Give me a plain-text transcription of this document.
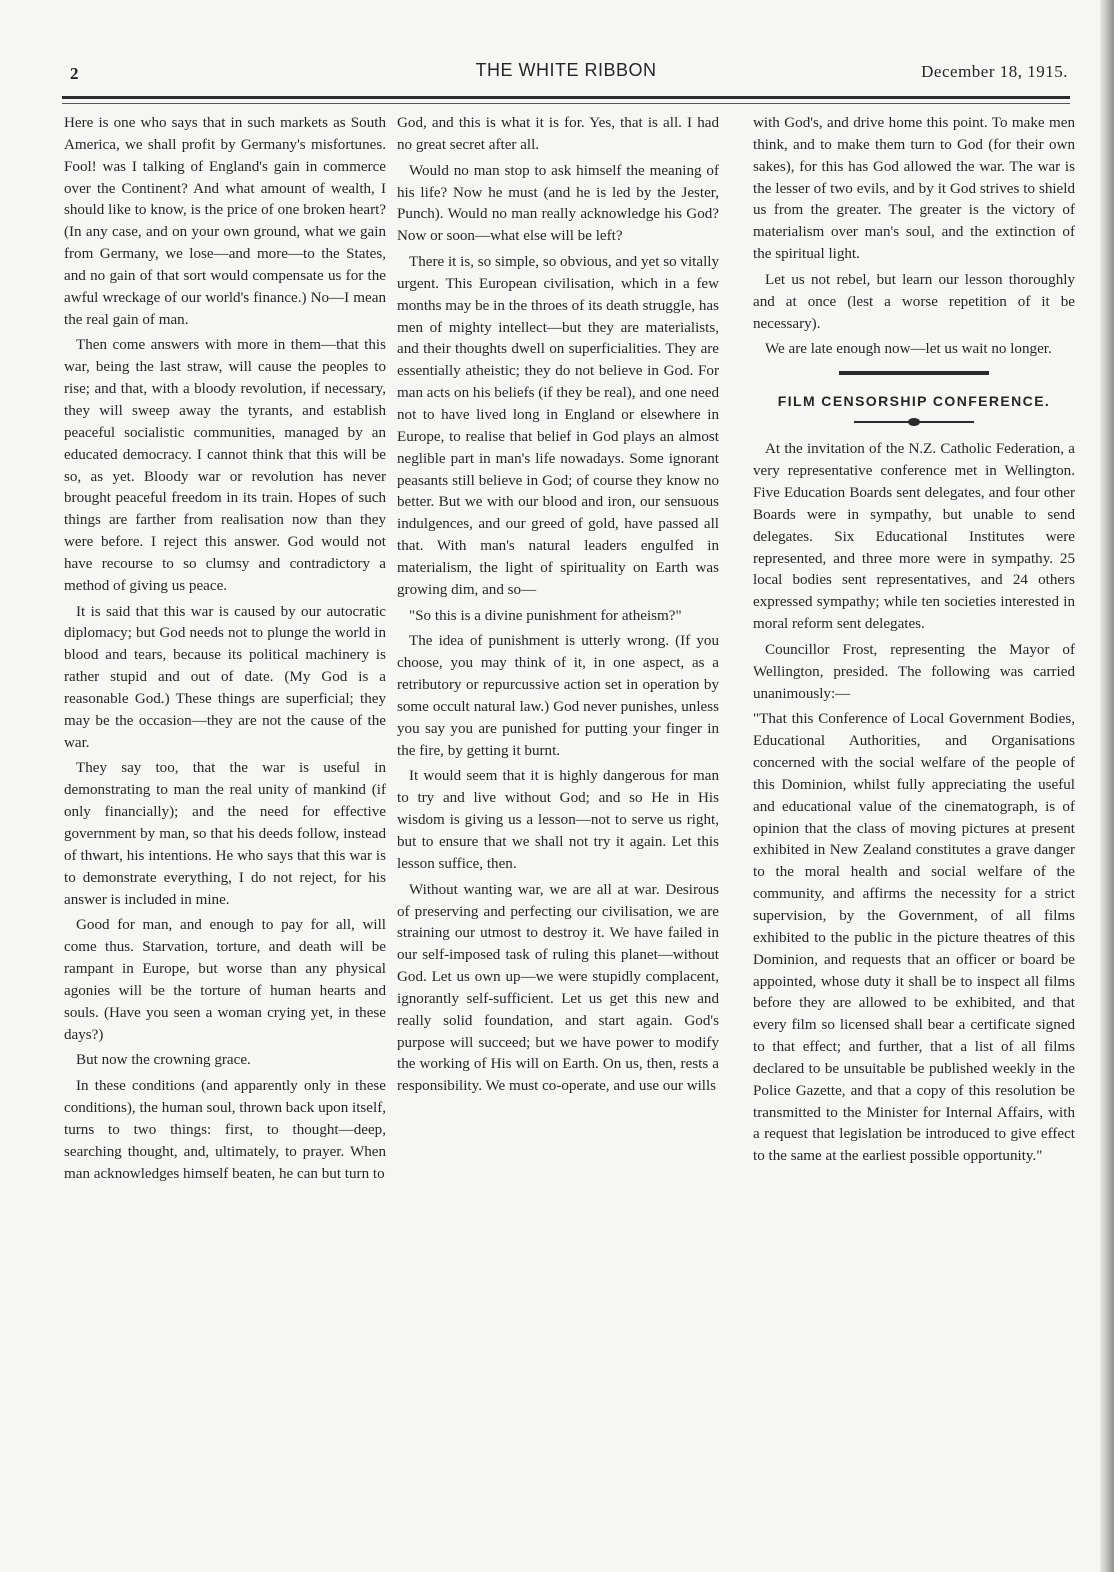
2	THE WHITE RIBBON	December 18, 1915.

Here is one who says that in such markets as South America, we shall profit by Germany's misfortunes. Fool! was I talking of England's gain in commerce over the Continent? And what amount of wealth, I should like to know, is the price of one broken heart? (In any case, and on your own ground, what we gain from Germany, we lose—and more—to the States, and no gain of that sort would compensate us for the awful wreckage of our world's finance.) No—I mean the real gain of man.

Then come answers with more in them—that this war, being the last straw, will cause the peoples to rise; and that, with a bloody revolution, if necessary, they will sweep away the tyrants, and establish peaceful socialistic communities, managed by an educated democracy. I cannot think that this will be so, as yet. Bloody war or revolution has never brought peaceful freedom in its train. Hopes of such things are farther from realisation now than they were before. I reject this answer. God would not have recourse to so clumsy and contradictory a method of giving us peace.

It is said that this war is caused by our autocratic diplomacy; but God needs not to plunge the world in blood and tears, because its political machinery is rather stupid and out of date. (My God is a reasonable God.) These things are superficial; they may be the occasion—they are not the cause of the war.

They say too, that the war is useful in demonstrating to man the real unity of mankind (if only financially); and the need for effective government by man, so that his deeds follow, instead of thwart, his intentions. He who says that this war is to demonstrate everything, I do not reject, for his answer is included in mine.

Good for man, and enough to pay for all, will come thus. Starvation, torture, and death will be rampant in Europe, but worse than any physical agonies will be the torture of human hearts and souls. (Have you seen a woman crying yet, in these days?)

But now the crowning grace.

In these conditions (and apparently only in these conditions), the human soul, thrown back upon itself, turns to two things: first, to thought—deep, searching thought, and, ultimately, to prayer. When man acknowledges himself beaten, he can but turn to

God, and this is what it is for. Yes, that is all. I had no great secret after all.

Would no man stop to ask himself the meaning of his life? Now he must (and he is led by the Jester, Punch). Would no man really acknowledge his God? Now or soon—what else will be left?

There it is, so simple, so obvious, and yet so vitally urgent. This European civilisation, which in a few months may be in the throes of its death struggle, has men of mighty intellect—but they are materialists, and their thoughts dwell on superficialities. They are essentially atheistic; they do not believe in God. For man acts on his beliefs (if they be real), and one need not to have lived long in England or elsewhere in Europe, to realise that belief in God plays an almost neglible part in man's life nowadays. Some ignorant peasants still believe in God; of course they know no better. But we with our blood and iron, our sensuous indulgences, and our greed of gold, have passed all that. With man's natural leaders engulfed in materialism, the light of spirituality on Earth was growing dim, and so—

"So this is a divine punishment for atheism?"

The idea of punishment is utterly wrong. (If you choose, you may think of it, in one aspect, as a retributory or repurcussive action set in operation by some occult natural law.) God never punishes, unless you say you are punished for putting your finger in the fire, by getting it burnt.

It would seem that it is highly dangerous for man to try and live without God; and so He in His wisdom is giving us a lesson—not to serve us right, but to ensure that we shall not try it again. Let this lesson suffice, then.

Without wanting war, we are all at war. Desirous of preserving and perfecting our civilisation, we are straining our utmost to destroy it. We have failed in our self-imposed task of ruling this planet—without God. Let us own up—we were stupidly complacent, ignorantly self-sufficient. Let us get this new and really solid foundation, and start again. God's purpose will succeed; but we have power to modify the working of His will on Earth. On us, then, rests a responsibility. We must co-operate, and use our wills

with God's, and drive home this point. To make men think, and to make them turn to God (for their own sakes), for this has God allowed the war. The war is the lesser of two evils, and by it God strives to shield us from the greater. The greater is the victory of materialism over man's soul, and the extinction of the spiritual light.

Let us not rebel, but learn our lesson thoroughly and at once (lest a worse repetition of it be necessary).

We are late enough now—let us wait no longer.

FILM CENSORSHIP CONFERENCE.

At the invitation of the N.Z. Catholic Federation, a very representative conference met in Wellington. Five Education Boards sent delegates, and four other Boards were in sympathy, but unable to send delegates. Six Educational Institutes were represented, and three more were in sympathy. 25 local bodies sent representatives, and 24 others expressed sympathy; while ten societies interested in moral reform sent delegates.

Councillor Frost, representing the Mayor of Wellington, presided. The following was carried unanimously:—

"That this Conference of Local Government Bodies, Educational Authorities, and Organisations concerned with the social welfare of the people of this Dominion, whilst fully appreciating the useful and educational value of the cinematograph, is of opinion that the class of moving pictures at present exhibited in New Zealand constitutes a grave danger to the moral health and social welfare of the community, and affirms the necessity for a strict supervision, by the Government, of all films exhibited to the public in the picture theatres of this Dominion, and requests that an officer or board be appointed, whose duty it shall be to inspect all films before they are allowed to be exhibited, and that every film so licensed shall bear a certificate signed to that effect; and further, that a list of all films declared to be unsuitable be published weekly in the Police Gazette, and that a copy of this resolution be transmitted to the Minister for Internal Affairs, with a request that legislation be introduced to give effect to the same at the earliest possible opportunity."
